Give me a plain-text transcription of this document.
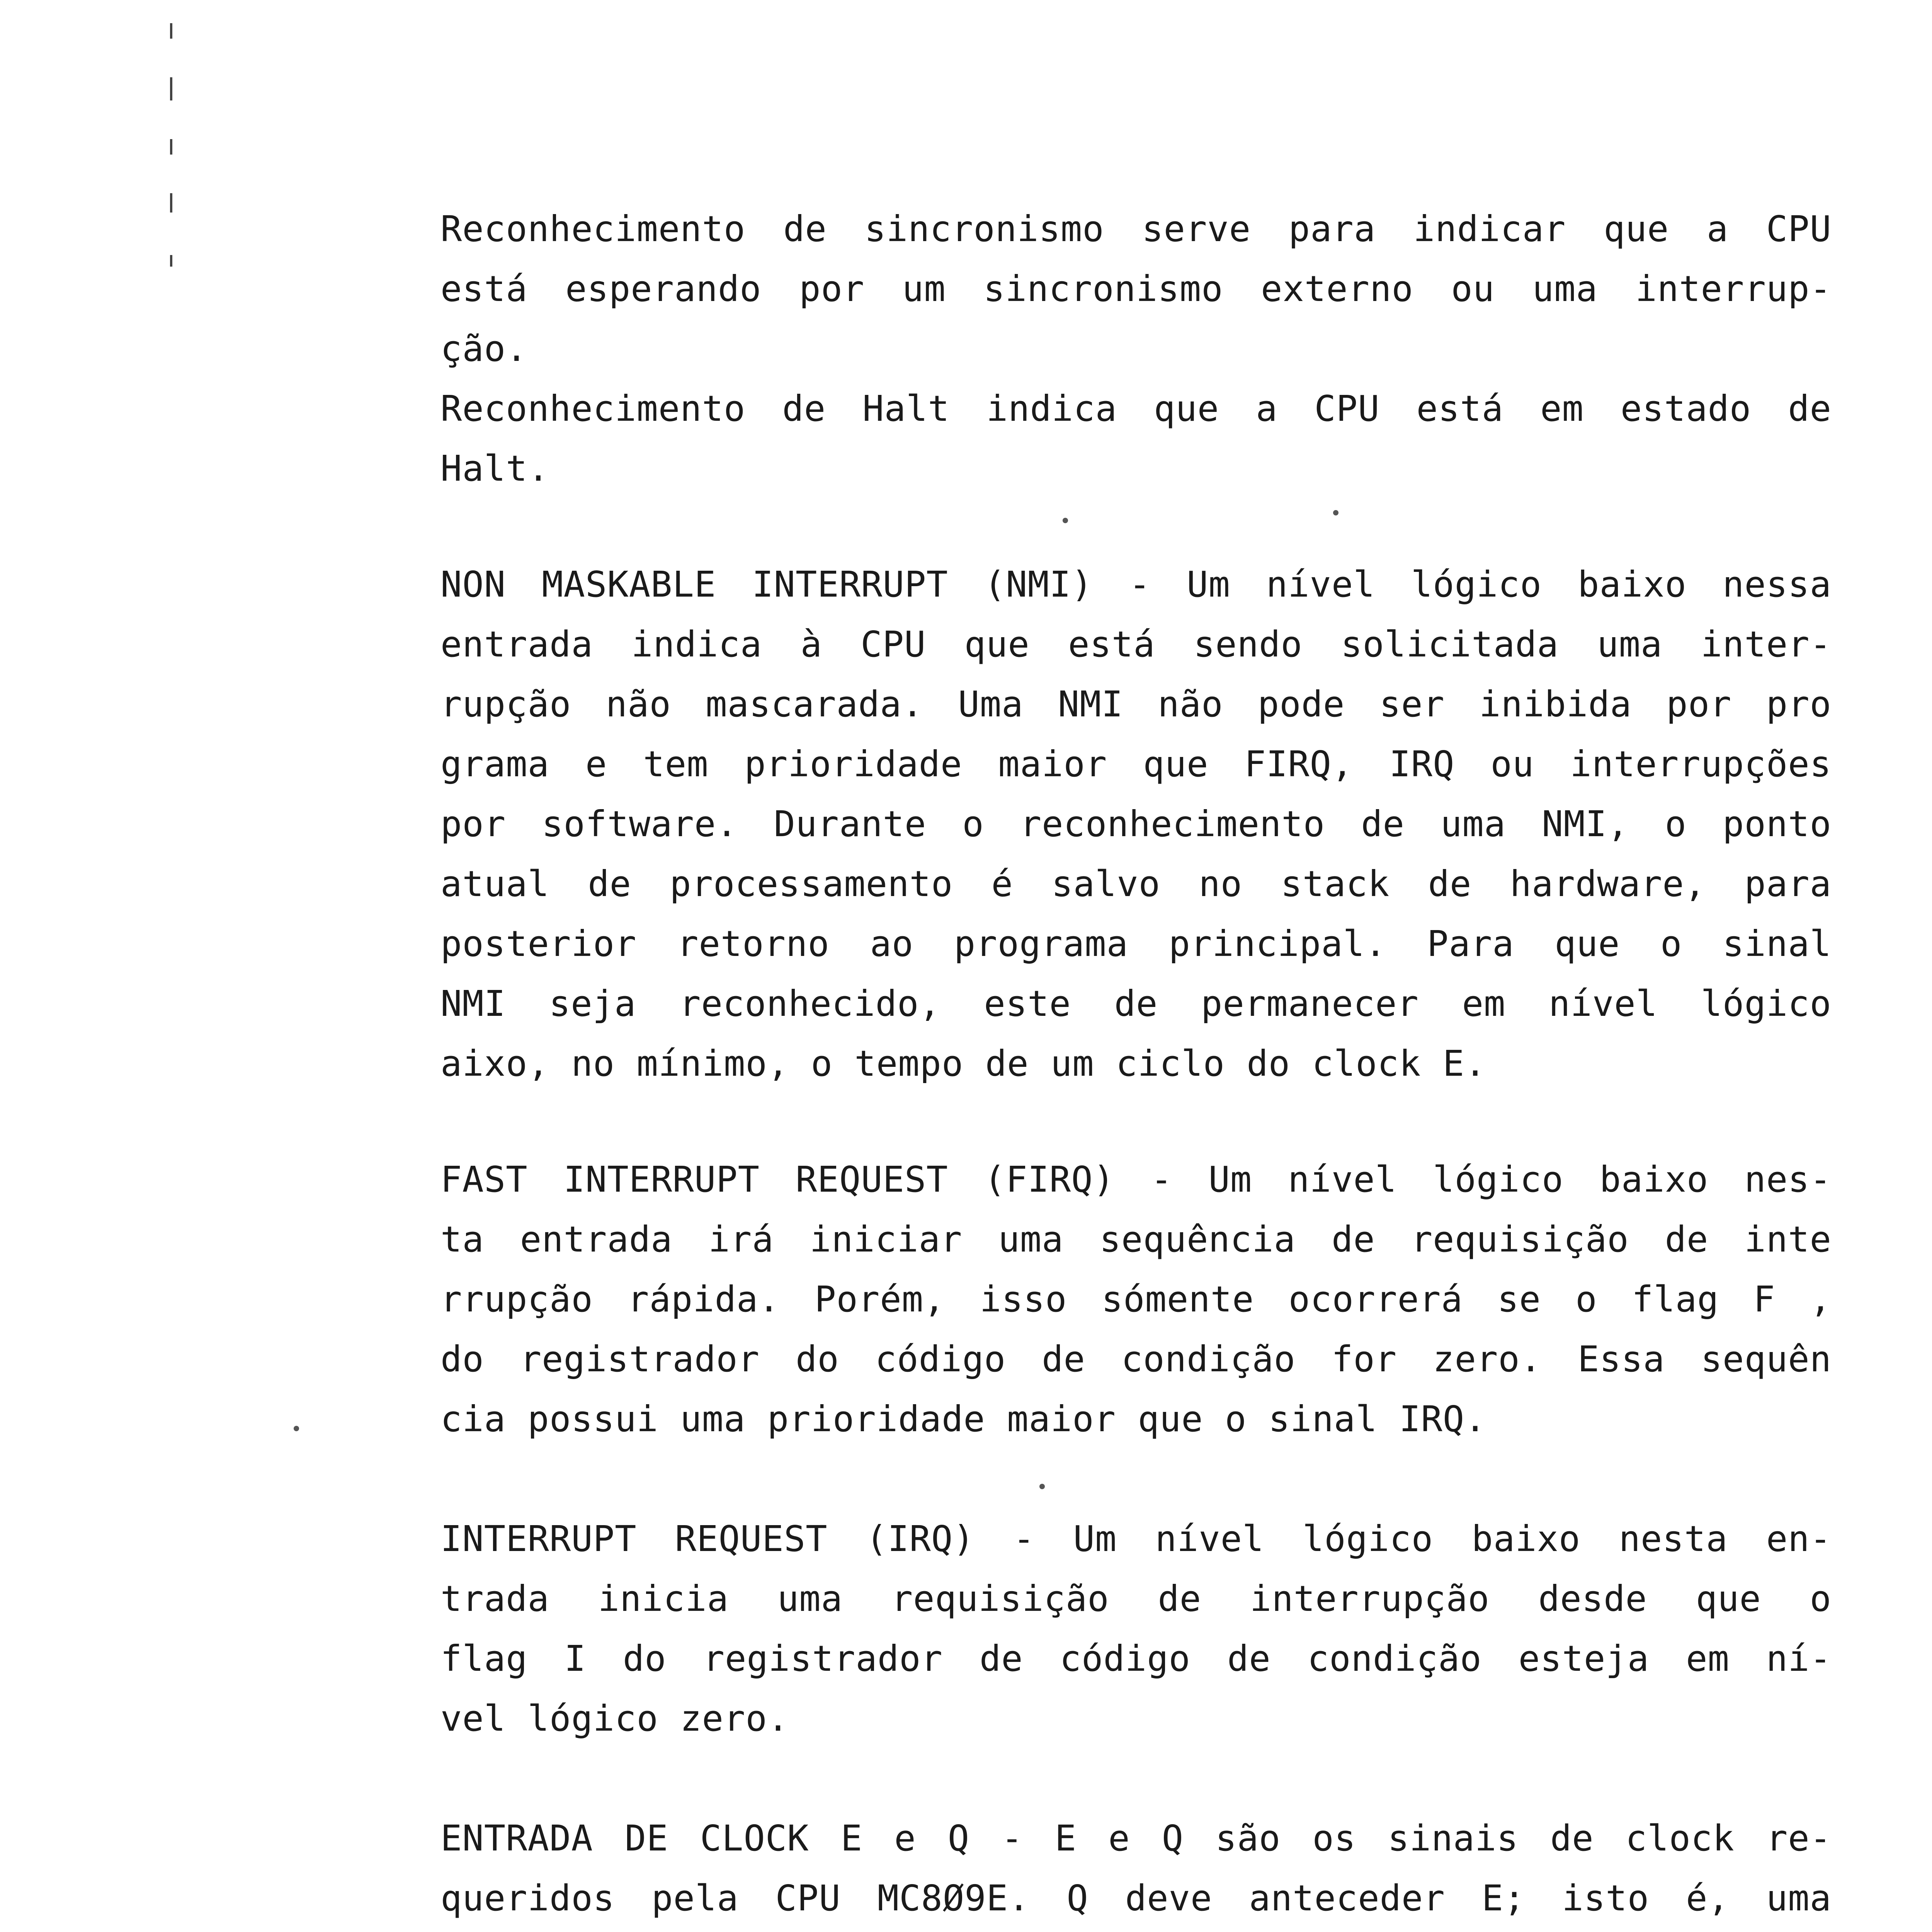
Reconhecimento de sincronismo serve para indicar que a CPU
está esperando por um sincronismo externo ou uma interrup-
ção.
Reconhecimento de Halt indica que a CPU está em estado de
Halt.
NON MASKABLE INTERRUPT (NMI) - Um nível lógico baixo nessa
entrada indica à CPU que está sendo solicitada uma inter-
rupção não mascarada. Uma NMI não pode ser inibida por pro
grama e tem prioridade maior que FIRQ, IRQ ou interrupções
por software. Durante o reconhecimento de uma NMI, o ponto
atual de processamento é salvo no stack de hardware, para
posterior retorno ao programa principal. Para que o sinal
NMI seja reconhecido, este de permanecer em nível lógico
aixo, no mínimo, o tempo de um ciclo do clock E.
FAST INTERRUPT REQUEST (FIRQ) - Um nível lógico baixo nes-
ta entrada irá iniciar uma sequência de requisição de inte
rrupção rápida. Porém, isso sómente ocorrerá se o flag F ,
do registrador do código de condição for zero. Essa sequên
cia possui uma prioridade maior que o sinal IRQ.
INTERRUPT REQUEST (IRQ) - Um nível lógico baixo nesta en-
trada inicia uma requisição de interrupção desde que o
flag I do registrador de código de condição esteja em ní-
vel lógico zero.
ENTRADA DE CLOCK E e Q - E e Q são os sinais de clock re-
queridos pela CPU MC8Ø9E. Q deve anteceder E; isto é, uma
